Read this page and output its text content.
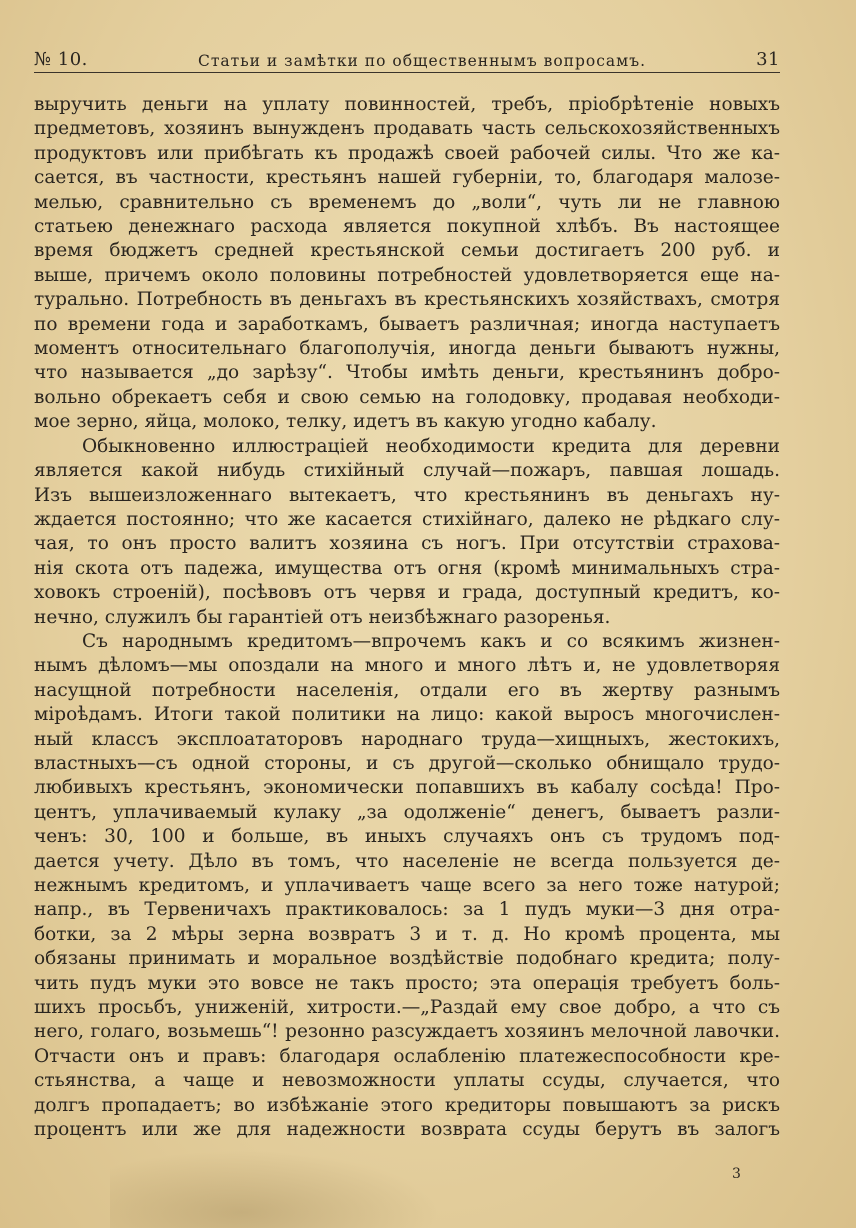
№ 10.	Статьи и замѣтки по общественнымъ вопросамъ.	31
выручить деньги на уплату повинностей, требъ, пріобрѣтеніе новыхъ
предметовъ, хозяинъ вынужденъ продавать часть сельскохозяйственныхъ
продуктовъ или прибѣгать къ продажѣ своей рабочей силы. Что же ка-
сается, въ частности, крестьянъ нашей губерніи, то, благодаря малозе-
мелью, сравнительно съ временемъ до „воли“, чуть ли не главною
статьею денежнаго расхода является покупной хлѣбъ. Въ настоящее
время бюджетъ средней крестьянской семьи достигаетъ 200 руб. и
выше, причемъ около половины потребностей удовлетворяется еще на-
турально. Потребность въ деньгахъ въ крестьянскихъ хозяйствахъ, смотря
по времени года и заработкамъ, бываетъ различная; иногда наступаетъ
моментъ относительнаго благополучія, иногда деньги бываютъ нужны,
что называется „до зарѣзу“. Чтобы имѣть деньги, крестьянинъ добро-
вольно обрекаетъ себя и свою семью на голодовку, продавая необходи-
мое зерно, яйца, молоко, телку, идетъ въ какую угодно кабалу.
Обыкновенно иллюстраціей необходимости кредита для деревни
является какой нибудь стихійный случай—пожаръ, павшая лошадь.
Изъ вышеизложеннаго вытекаетъ, что крестьянинъ въ деньгахъ ну-
ждается постоянно; что же касается стихійнаго, далеко не рѣдкаго слу-
чая, то онъ просто валитъ хозяина съ ногъ. При отсутствіи страхова-
нія скота отъ падежа, имущества отъ огня (кромѣ минимальныхъ стра-
ховокъ строеній), посѣвовъ отъ червя и града, доступный кредитъ, ко-
нечно, служилъ бы гарантіей отъ неизбѣжнаго разоренья.
Съ народнымъ кредитомъ—впрочемъ какъ и со всякимъ жизнен-
нымъ дѣломъ—мы опоздали на много и много лѣтъ и, не удовлетворяя
насущной потребности населенія, отдали его въ жертву разнымъ
міроѣдамъ. Итоги такой политики на лицо: какой выросъ многочислен-
ный классъ эксплоататоровъ народнаго труда—хищныхъ, жестокихъ,
властныхъ—съ одной стороны, и съ другой—сколько обнищало трудо-
любивыхъ крестьянъ, экономически попавшихъ въ кабалу сосѣда! Про-
центъ, уплачиваемый кулаку „за одолженіе“ денегъ, бываетъ разли-
ченъ: 30, 100 и больше, въ иныхъ случаяхъ онъ съ трудомъ под-
дается учету. Дѣло въ томъ, что населеніе не всегда пользуется де-
нежнымъ кредитомъ, и уплачиваетъ чаще всего за него тоже натурой;
напр., въ Тервеничахъ практиковалось: за 1 пудъ муки—3 дня отра-
ботки, за 2 мѣры зерна возвратъ 3 и т. д. Но кромѣ процента, мы
обязаны принимать и моральное воздѣйствіе подобнаго кредита; полу-
чить пудъ муки это вовсе не такъ просто; эта операція требуетъ боль-
шихъ просьбъ, униженій, хитрости.—„Раздай ему свое добро, а что съ
него, голаго, возьмешь“! резонно разсуждаетъ хозяинъ мелочной лавочки.
Отчасти онъ и правъ: благодаря ослабленію платежеспособности кре-
стьянства, а чаще и невозможности уплаты ссуды, случается, что
долгъ пропадаетъ; во избѣжаніе этого кредиторы повышаютъ за рискъ
процентъ или же для надежности возврата ссуды берутъ въ залогъ
3
